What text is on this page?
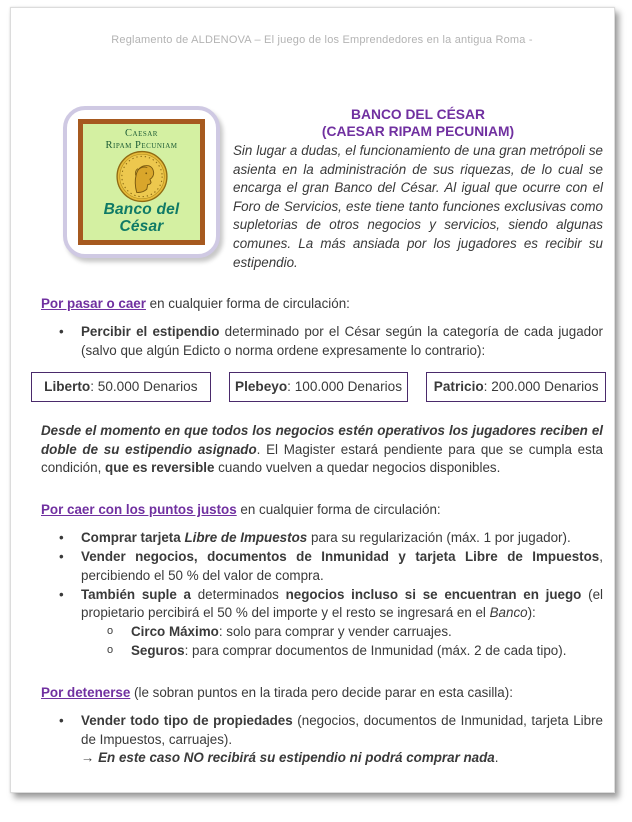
Reglamento de ALDENOVA – El juego de los Emprendedores en la antigua Roma -
Caesar
Ripam Pecuniam
Banco del
César
BANCO DEL CÉSAR
(CAESAR RIPAM PECUNIAM)

Sin lugar a dudas, el funcionamiento de una gran metrópoli se asienta en la administración de sus riquezas, de lo cual se encarga el gran Banco del César. Al igual que ocurre con el Foro de Servicios, este tiene tanto funciones exclusivas como supletorias de otros negocios y servicios, siendo algunas comunes. La más ansiada por los jugadores es recibir su estipendio.

Por pasar o caer en cualquier forma de circulación:

• Percibir el estipendio determinado por el César según la categoría de cada jugador (salvo que algún Edicto o norma ordene expresamente lo contrario):
Liberto : 50.000 Denarios	Plebeyo : 100.000 Denarios Patricio : 200.000 Denarios

Desde el momento en que todos los negocios estén operativos los jugadores reciben el doble de su estipendio asignado. El Magister estará pendiente para que se cumpla esta condición, que es reversible cuando vuelven a quedar negocios disponibles.

Por caer con los puntos justos en cualquier forma de circulación:

• Comprar tarjeta Libre de Impuestos para su regularización (máx. 1 por jugador).
• Vender negocios, documentos de Inmunidad y tarjeta Libre de Impuestos, percibiendo el 50 % del valor de compra.
• También suple a determinados negocios incluso si se encuentran en juego (el propietario percibirá el 50 % del importe y el resto se ingresará en el Banco):
o Circo Máximo: solo para comprar y vender carruajes.
o Seguros: para comprar documentos de Inmunidad (máx. 2 de cada tipo).

Por detenerse (le sobran puntos en la tirada pero decide parar en esta casilla):

• Vender todo tipo de propiedades (negocios, documentos de Inmunidad, tarjeta Libre de Impuestos, carruajes).

→ En este caso NO recibirá su estipendio ni podrá comprar nada.
